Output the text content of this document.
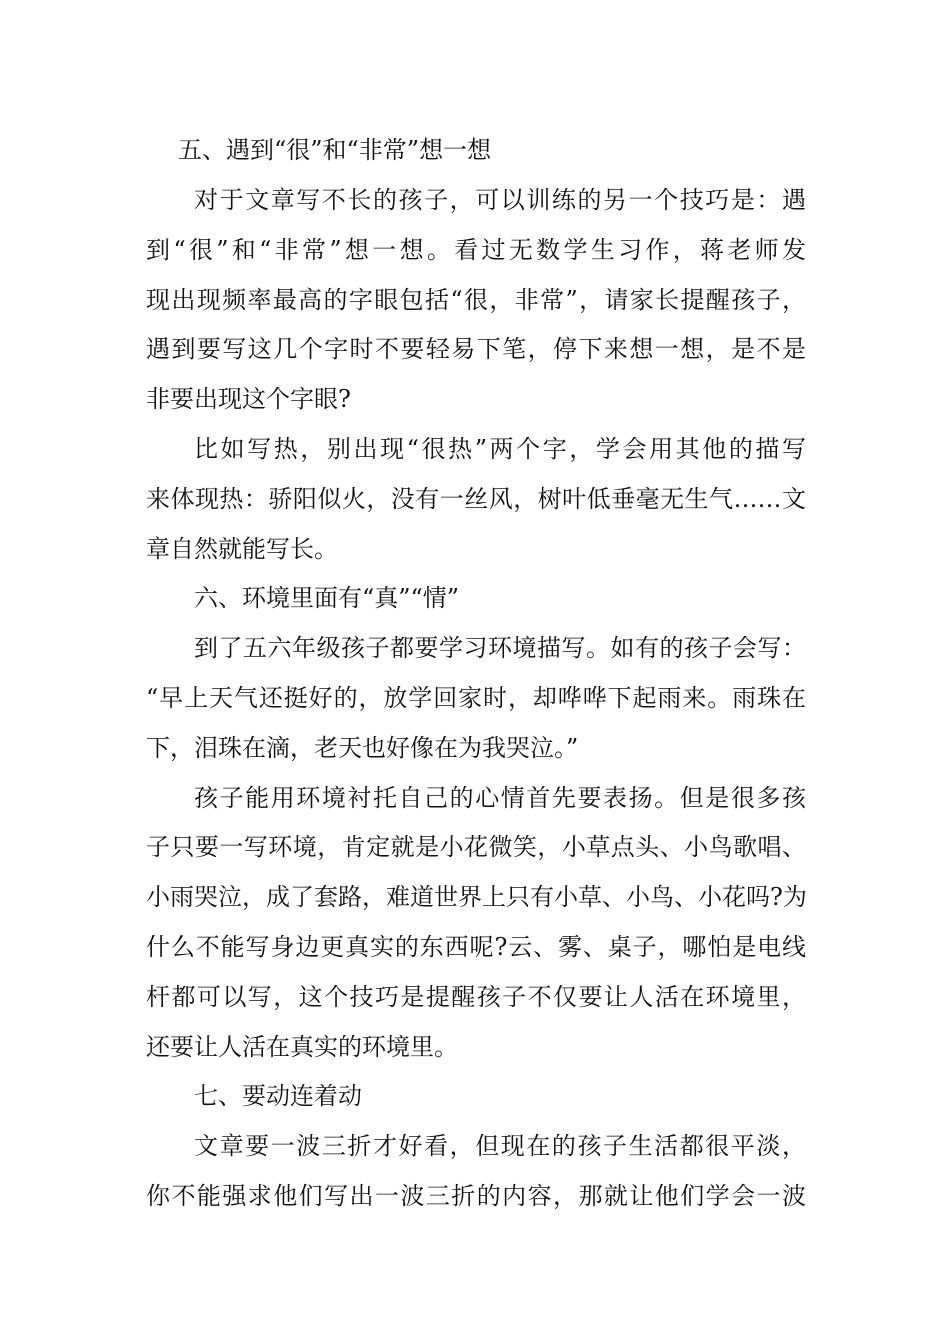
五、遇到“很”和“非常”想一想
对于文章写不长的孩子，可以训练的另一个技巧是：遇
到“很”和“非常”想一想。看过无数学生习作，蒋老师发
现出现频率最高的字眼包括“很，非常”，请家长提醒孩子，
遇到要写这几个字时不要轻易下笔，停下来想一想，是不是
非要出现这个字眼?
比如写热，别出现“很热”两个字，学会用其他的描写
来体现热：骄阳似火，没有一丝风，树叶低垂毫无生气……文
章自然就能写长。
六、环境里面有“真”“情”
到了五六年级孩子都要学习环境描写。如有的孩子会写：
“早上天气还挺好的，放学回家时，却哗哗下起雨来。雨珠在
下，泪珠在滴，老天也好像在为我哭泣。”
孩子能用环境衬托自己的心情首先要表扬。但是很多孩
子只要一写环境，肯定就是小花微笑，小草点头、小鸟歌唱、
小雨哭泣，成了套路，难道世界上只有小草、小鸟、小花吗?为
什么不能写身边更真实的东西呢?云、雾、桌子，哪怕是电线
杆都可以写，这个技巧是提醒孩子不仅要让人活在环境里，
还要让人活在真实的环境里。
七、要动连着动
文章要一波三折才好看，但现在的孩子生活都很平淡，
你不能强求他们写出一波三折的内容，那就让他们学会一波
